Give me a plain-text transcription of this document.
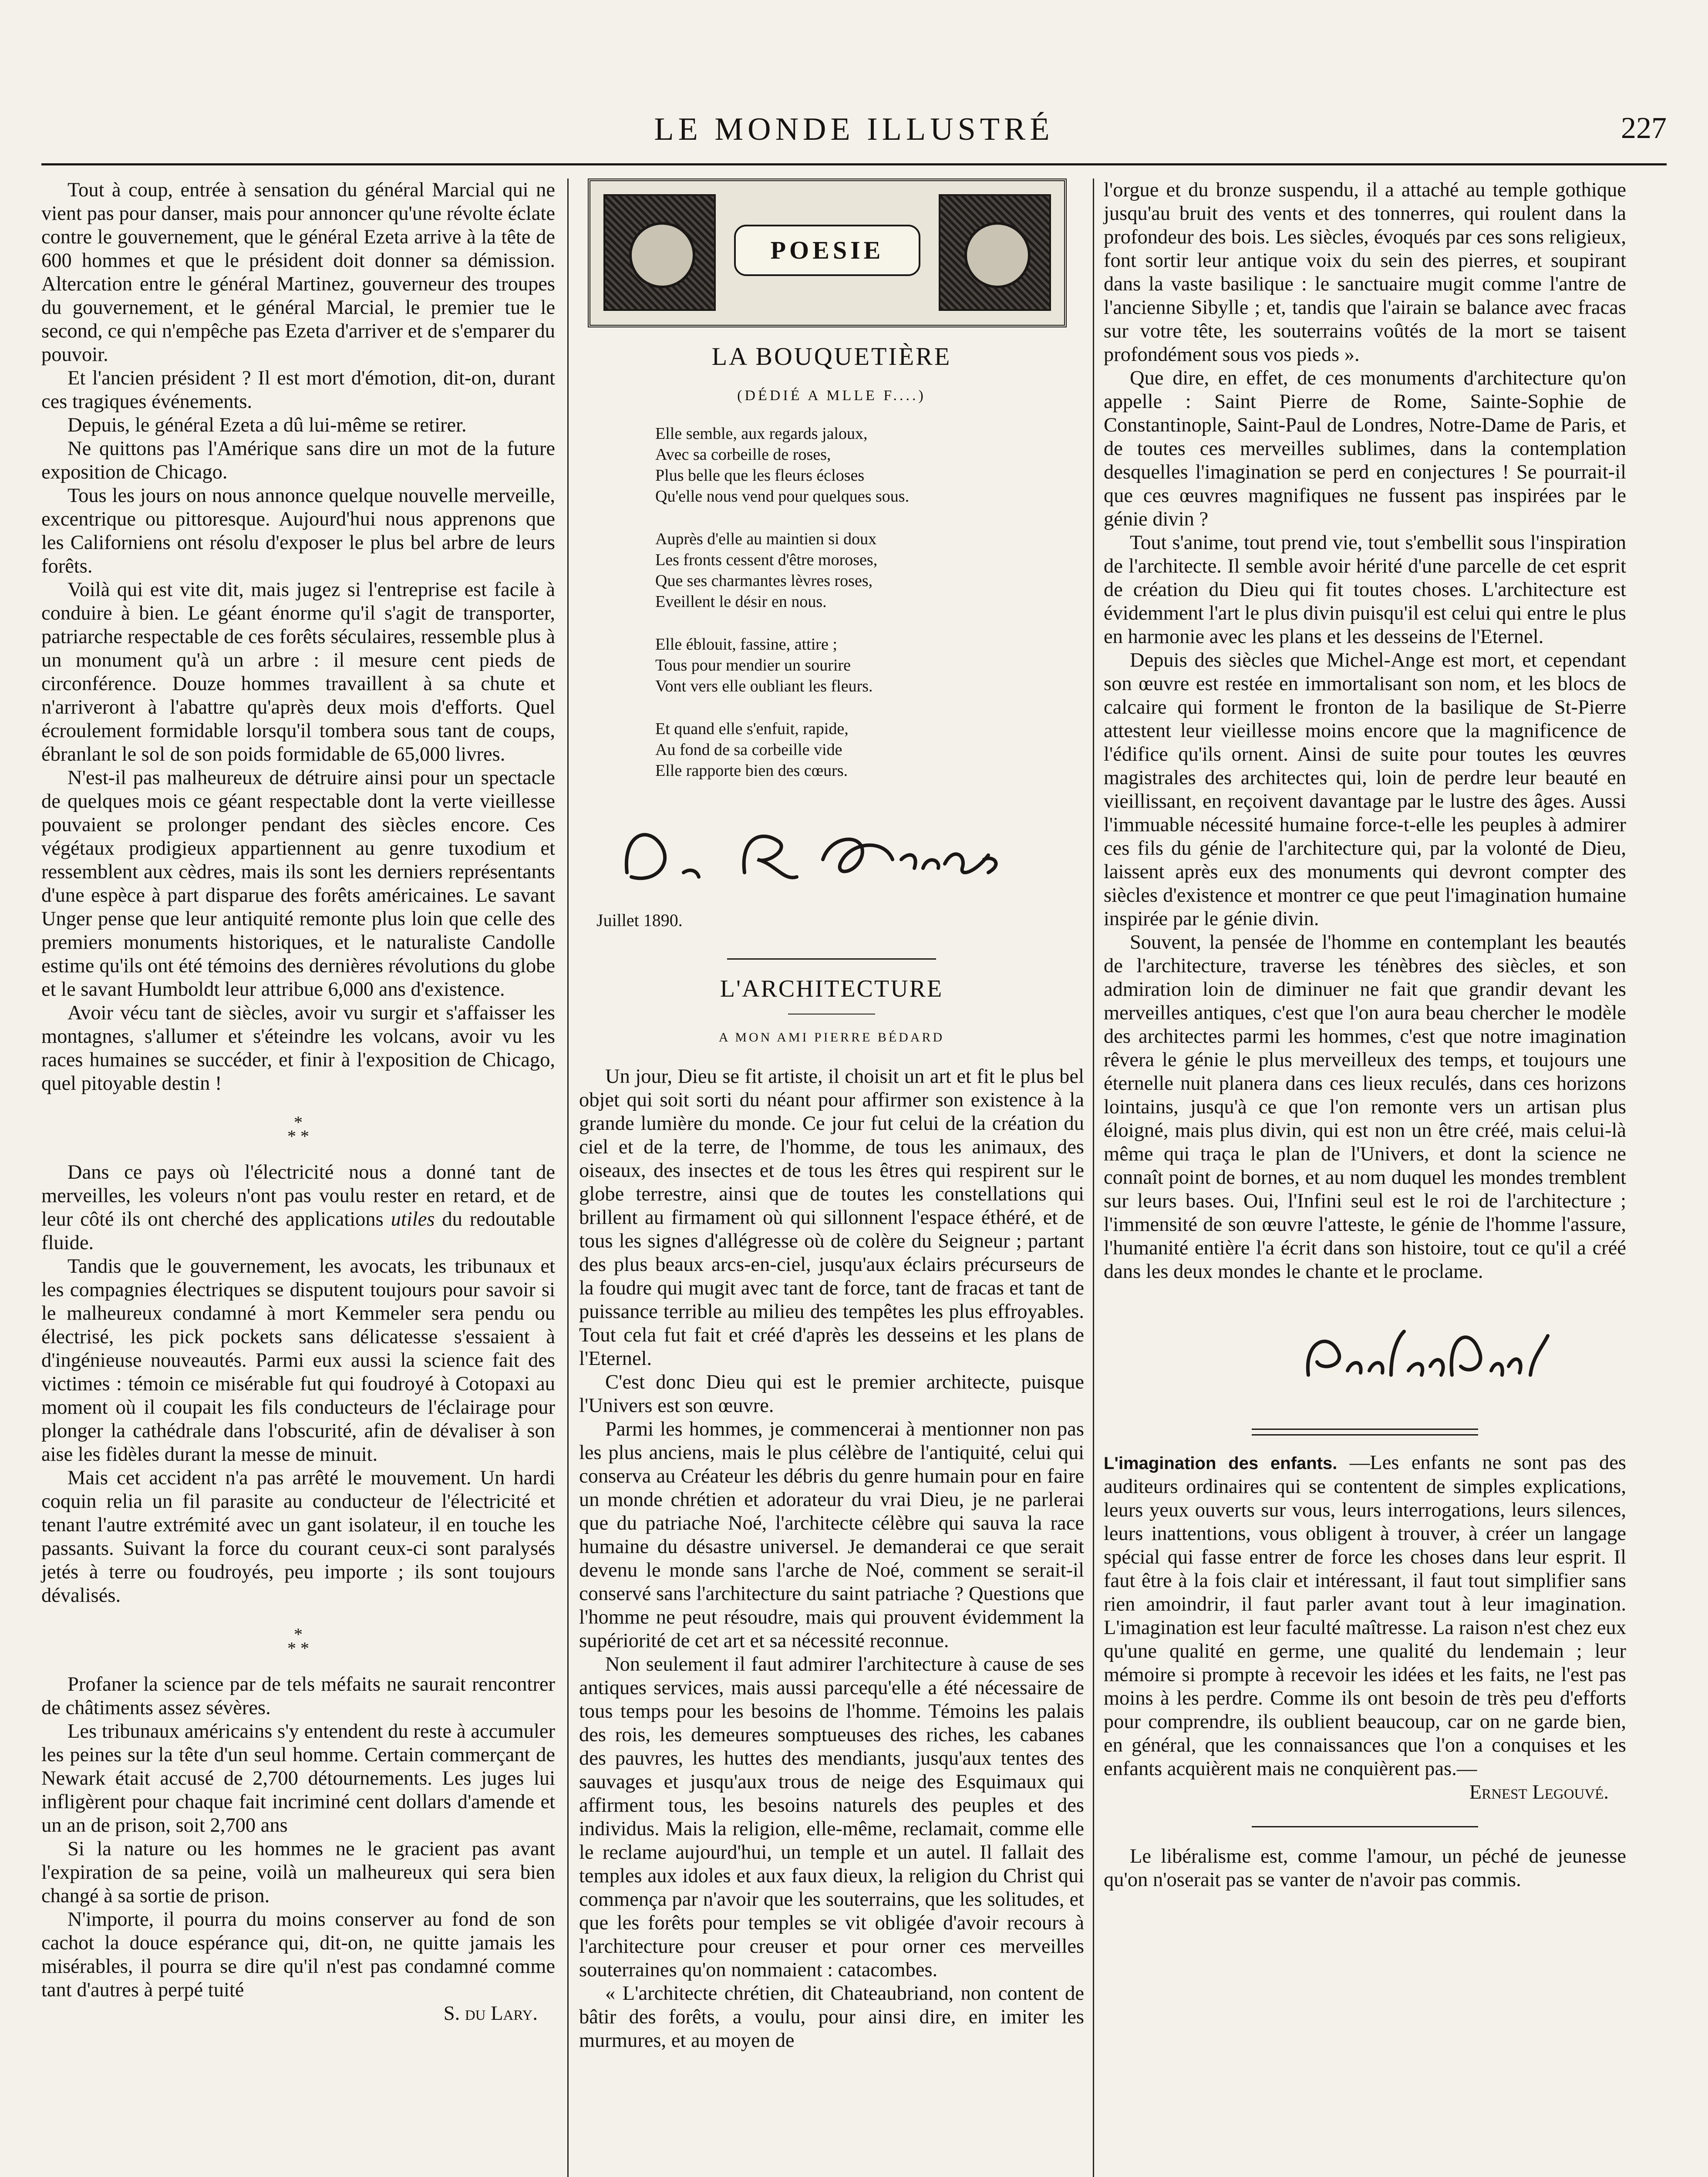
LE MONDE ILLUSTRÉ	227

Tout à coup, entrée à sensation du général Marcial qui ne vient pas pour danser, mais pour annoncer qu'une révolte éclate contre le gouvernement, que le général Ezeta arrive à la tête de 600 hommes et que le président doit donner sa démission. Altercation entre le général Martinez, gouverneur des troupes du gouvernement, et le général Marcial, le premier tue le second, ce qui n'empêche pas Ezeta d'arriver et de s'emparer du pouvoir.

Et l'ancien président ? Il est mort d'émotion, dit-on, durant ces tragiques événements.

Depuis, le général Ezeta a dû lui-même se retirer.

Ne quittons pas l'Amérique sans dire un mot de la future exposition de Chicago.

Tous les jours on nous annonce quelque nouvelle merveille, excentrique ou pittoresque. Aujourd'hui nous apprenons que les Californiens ont résolu d'exposer le plus bel arbre de leurs forêts.

Voilà qui est vite dit, mais jugez si l'entreprise est facile à conduire à bien. Le géant énorme qu'il s'agit de transporter, patriarche respectable de ces forêts séculaires, ressemble plus à un monument qu'à un arbre : il mesure cent pieds de circonférence. Douze hommes travaillent à sa chute et n'arriveront à l'abattre qu'après deux mois d'efforts. Quel écroulement formidable lorsqu'il tombera sous tant de coups, ébranlant le sol de son poids formidable de 65,000 livres.

N'est-il pas malheureux de détruire ainsi pour un spectacle de quelques mois ce géant respectable dont la verte vieillesse pouvaient se prolonger pendant des siècles encore. Ces végétaux prodigieux appartiennent au genre tuxodium et ressemblent aux cèdres, mais ils sont les derniers représentants d'une espèce à part disparue des forêts américaines. Le savant Unger pense que leur antiquité remonte plus loin que celle des premiers monuments historiques, et le naturaliste Candolle estime qu'ils ont été témoins des dernières révolutions du globe et le savant Humboldt leur attribue 6,000 ans d'existence.

Avoir vécu tant de siècles, avoir vu surgir et s'affaisser les montagnes, s'allumer et s'éteindre les volcans, avoir vu les races humaines se succéder, et finir à l'exposition de Chicago, quel pitoyable destin !

*
* *

Dans ce pays où l'électricité nous a donné tant de merveilles, les voleurs n'ont pas voulu rester en retard, et de leur côté ils ont cherché des applications utiles du redoutable fluide.

Tandis que le gouvernement, les avocats, les tribunaux et les compagnies électriques se disputent toujours pour savoir si le malheureux condamné à mort Kemmeler sera pendu ou électrisé, les pick pockets sans délicatesse s'essaient à d'ingénieuse nouveautés. Parmi eux aussi la science fait des victimes : témoin ce misérable fut qui foudroyé à Cotopaxi au moment où il coupait les fils conducteurs de l'éclairage pour plonger la cathédrale dans l'obscurité, afin de dévaliser à son aise les fidèles durant la messe de minuit.

Mais cet accident n'a pas arrêté le mouvement. Un hardi coquin relia un fil parasite au conducteur de l'électricité et tenant l'autre extrémité avec un gant isolateur, il en touche les passants. Suivant la force du courant ceux-ci sont paralysés jetés à terre ou foudroyés, peu importe ; ils sont toujours dévalisés.

*
* *

Profaner la science par de tels méfaits ne saurait rencontrer de châtiments assez sévères.

Les tribunaux américains s'y entendent du reste à accumuler les peines sur la tête d'un seul homme. Certain commerçant de Newark était accusé de 2,700 détournements. Les juges lui infligèrent pour chaque fait incriminé cent dollars d'amende et un an de prison, soit 2,700 ans

Si la nature ou les hommes ne le gracient pas avant l'expiration de sa peine, voilà un malheureux qui sera bien changé à sa sortie de prison.

N'importe, il pourra du moins conserver au fond de son cachot la douce espérance qui, dit-on, ne quitte jamais les misérables, il pourra se dire qu'il n'est pas condamné comme tant d'autres à perpé tuité

S. du Lary.
POESIE
LA BOUQUETIÈRE
(DÉDIÉ A MLLE F....)
Elle semble, aux regards jaloux,
Avec sa corbeille de roses,
Plus belle que les fleurs écloses
Qu'elle nous vend pour quelques sous.
Auprès d'elle au maintien si doux
Les fronts cessent d'être moroses,
Que ses charmantes lèvres roses,
Eveillent le désir en nous.
Elle éblouit, fassine, attire ;
Tous pour mendier un sourire
Vont vers elle oubliant les fleurs.
Et quand elle s'enfuit, rapide,
Au fond de sa corbeille vide
Elle rapporte bien des cœurs.
Juillet 1890.
L'ARCHITECTURE
A MON AMI PIERRE BÉDARD

Un jour, Dieu se fit artiste, il choisit un art et fit le plus bel objet qui soit sorti du néant pour affirmer son existence à la grande lumière du monde. Ce jour fut celui de la création du ciel et de la terre, de l'homme, de tous les animaux, des oiseaux, des insectes et de tous les êtres qui respirent sur le globe terrestre, ainsi que de toutes les constellations qui brillent au firmament où qui sillonnent l'espace éthéré, et de tous les signes d'allégresse où de colère du Seigneur ; partant des plus beaux arcs-en-ciel, jusqu'aux éclairs précurseurs de la foudre qui mugit avec tant de force, tant de fracas et tant de puissance terrible au milieu des tempêtes les plus effroyables. Tout cela fut fait et créé d'après les desseins et les plans de l'Eternel.

C'est donc Dieu qui est le premier architecte, puisque l'Univers est son œuvre.

Parmi les hommes, je commencerai à mentionner non pas les plus anciens, mais le plus célèbre de l'antiquité, celui qui conserva au Créateur les débris du genre humain pour en faire un monde chrétien et adorateur du vrai Dieu, je ne parlerai que du patriache Noé, l'architecte célèbre qui sauva la race humaine du désastre universel. Je demanderai ce que serait devenu le monde sans l'arche de Noé, comment se serait-il conservé sans l'architecture du saint patriache ? Questions que l'homme ne peut résoudre, mais qui prouvent évidemment la supériorité de cet art et sa nécessité reconnue.

Non seulement il faut admirer l'architecture à cause de ses antiques services, mais aussi parcequ'elle a été nécessaire de tous temps pour les besoins de l'homme. Témoins les palais des rois, les demeures somptueuses des riches, les cabanes des pauvres, les huttes des mendiants, jusqu'aux tentes des sauvages et jusqu'aux trous de neige des Esquimaux qui affirment tous, les besoins naturels des peuples et des individus. Mais la religion, elle-même, reclamait, comme elle le reclame aujourd'hui, un temple et un autel. Il fallait des temples aux idoles et aux faux dieux, la religion du Christ qui commença par n'avoir que les souterrains, que les solitudes, et que les forêts pour temples se vit obligée d'avoir recours à l'architecture pour creuser et pour orner ces merveilles souterraines qu'on nommaient : catacombes.

« L'architecte chrétien, dit Chateaubriand, non content de bâtir des forêts, a voulu, pour ainsi dire, en imiter les murmures, et au moyen de

l'orgue et du bronze suspendu, il a attaché au temple gothique jusqu'au bruit des vents et des tonnerres, qui roulent dans la profondeur des bois. Les siècles, évoqués par ces sons religieux, font sortir leur antique voix du sein des pierres, et soupirant dans la vaste basilique : le sanctuaire mugit comme l'antre de l'ancienne Sibylle ; et, tandis que l'airain se balance avec fracas sur votre tête, les souterrains voûtés de la mort se taisent profondément sous vos pieds ».

Que dire, en effet, de ces monuments d'architecture qu'on appelle : Saint Pierre de Rome, Sainte-Sophie de Constantinople, Saint-Paul de Londres, Notre-Dame de Paris, et de toutes ces merveilles sublimes, dans la contemplation desquelles l'imagination se perd en conjectures ! Se pourrait-il que ces œuvres magnifiques ne fussent pas inspirées par le génie divin ?

Tout s'anime, tout prend vie, tout s'embellit sous l'inspiration de l'architecte. Il semble avoir hérité d'une parcelle de cet esprit de création du Dieu qui fit toutes choses. L'architecture est évidemment l'art le plus divin puisqu'il est celui qui entre le plus en harmonie avec les plans et les desseins de l'Eternel.

Depuis des siècles que Michel-Ange est mort, et cependant son œuvre est restée en immortalisant son nom, et les blocs de calcaire qui forment le fronton de la basilique de St-Pierre attestent leur vieillesse moins encore que la magnificence de l'édifice qu'ils ornent. Ainsi de suite pour toutes les œuvres magistrales des architectes qui, loin de perdre leur beauté en vieillissant, en reçoivent davantage par le lustre des âges. Aussi l'immuable nécessité humaine force-t-elle les peuples à admirer ces fils du génie de l'architecture qui, par la volonté de Dieu, laissent après eux des monuments qui devront compter des siècles d'existence et montrer ce que peut l'imagination humaine inspirée par le génie divin.

Souvent, la pensée de l'homme en contemplant les beautés de l'architecture, traverse les ténèbres des siècles, et son admiration loin de diminuer ne fait que grandir devant les merveilles antiques, c'est que l'on aura beau chercher le modèle des architectes parmi les hommes, c'est que notre imagination rêvera le génie le plus merveilleux des temps, et toujours une éternelle nuit planera dans ces lieux reculés, dans ces horizons lointains, jusqu'à ce que l'on remonte vers un artisan plus éloigné, mais plus divin, qui est non un être créé, mais celui-là même qui traça le plan de l'Univers, et dont la science ne connaît point de bornes, et au nom duquel les mondes tremblent sur leurs bases. Oui, l'Infini seul est le roi de l'architecture ; l'immensité de son œuvre l'atteste, le génie de l'homme l'assure, l'humanité entière l'a écrit dans son histoire, tout ce qu'il a créé dans les deux mondes le chante et le proclame.

L'imagination des enfants. —Les enfants ne sont pas des auditeurs ordinaires qui se contentent de simples explications, leurs yeux ouverts sur vous, leurs interrogations, leurs silences, leurs inattentions, vous obligent à trouver, à créer un langage spécial qui fasse entrer de force les choses dans leur esprit. Il faut être à la fois clair et intéressant, il faut tout simplifier sans rien amoindrir, il faut parler avant tout à leur imagination. L'imagination est leur faculté maîtresse. La raison n'est chez eux qu'une qualité en germe, une qualité du lendemain ; leur mémoire si prompte à recevoir les idées et les faits, ne l'est pas moins à les perdre. Comme ils ont besoin de très peu d'efforts pour comprendre, ils oublient beaucoup, car on ne garde bien, en général, que les connaissances que l'on a conquises et les enfants acquièrent mais ne conquièrent pas.—

Ernest Legouvé.

Le libéralisme est, comme l'amour, un péché de jeunesse qu'on n'oserait pas se vanter de n'avoir pas commis.
